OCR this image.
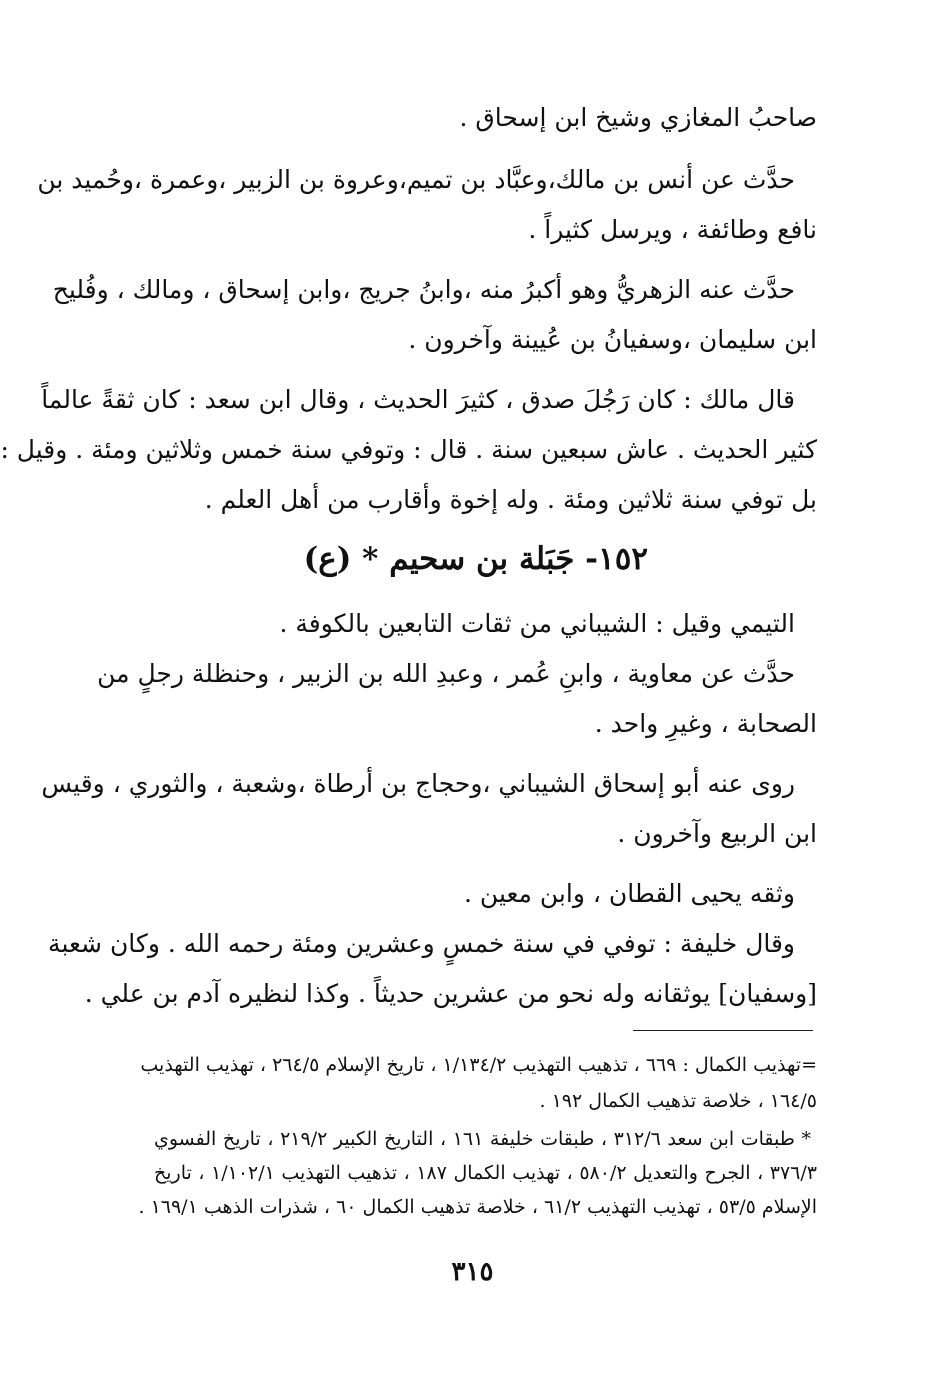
صاحبُ المغازي وشيخ ابن إسحاق .

حدَّث عن أنس بن مالك،وعبَّاد بن تميم،وعروة بن الزبير ،وعمرة ،وحُميد بن

نافع وطائفة ، ويرسل كثيراً .

حدَّث عنه الزهريُّ وهو أكبرُ منه ،وابنُ جريج ،وابن إسحاق ، ومالك ، وفُليح

ابن سليمان ،وسفيانُ بن عُيينة وآخرون .

قال مالك : كان رَجُلَ صدق ، كثيرَ الحديث ، وقال ابن سعد : كان ثقةً عالماً

كثير الحديث . عاش سبعين سنة . قال : وتوفي سنة خمس وثلاثين ومئة . وقيل :

بل توفي سنة ثلاثين ومئة . وله إخوة وأقارب من أهل العلم .

١٥٢- جَبَلة بن سحيم * (ع)

التيمي وقيل : الشيباني من ثقات التابعين بالكوفة .

حدَّث عن معاوية ، وابنِ عُمر ، وعبدِ الله بن الزبير ، وحنظلة رجلٍ من

الصحابة ، وغيرِ واحد .

روى عنه أبو إسحاق الشيباني ،وحجاج بن أرطاة ،وشعبة ، والثوري ، وقيس

ابن الربيع وآخرون .

وثقه يحيى القطان ، وابن معين .

وقال خليفة : توفي في سنة خمسٍ وعشرين ومئة رحمه الله . وكان شعبة

[وسفيان] يوثقانه وله نحو من عشرين حديثاً . وكذا لنظيره آدم بن علي .

=تهذيب الكمال : ٦٦٩ ، تذهيب التهذيب ١/١٣٤/٢ ، تاريخ الإسلام ٢٦٤/٥ ، تهذيب التهذيب

١٦٤/٥ ، خلاصة تذهيب الكمال ١٩٢ .

* طبقات ابن سعد ٣١٢/٦ ، طبقات خليفة ١٦١ ، التاريخ الكبير ٢١٩/٢ ، تاريخ الفسوي

٣٧٦/٣ ، الجرح والتعديل ٥٨٠/٢ ، تهذيب الكمال ١٨٧ ، تذهيب التهذيب ١/١٠٢/١ ، تاريخ

الإسلام ٥٣/٥ ، تهذيب التهذيب ٦١/٢ ، خلاصة تذهيب الكمال ٦٠ ، شذرات الذهب ١٦٩/١ .

٣١٥
